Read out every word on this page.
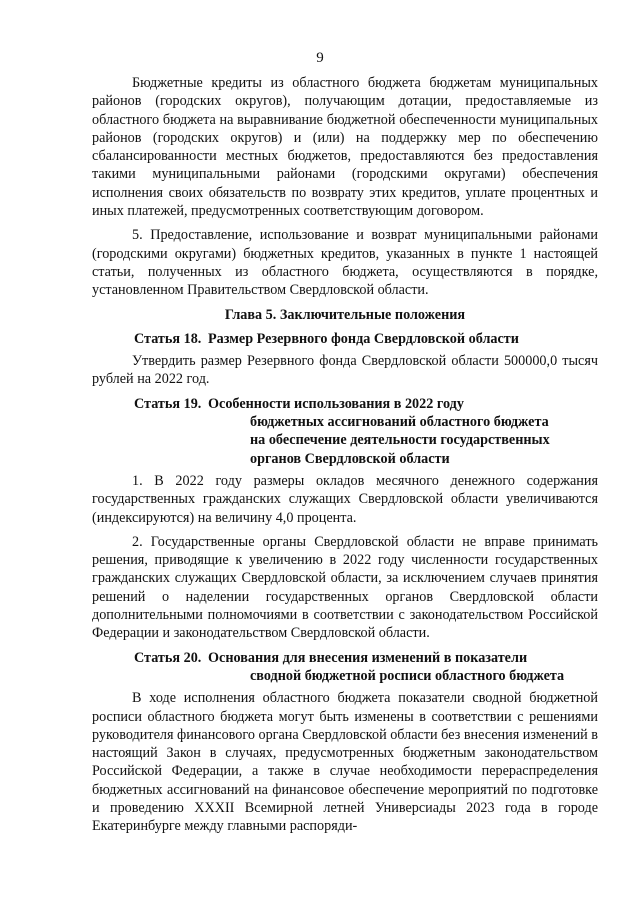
9

Бюджетные кредиты из областного бюджета бюджетам муниципальных районов (городских округов), получающим дотации, предоставляемые из областного бюджета на выравнивание бюджетной обеспеченности муниципальных районов (городских округов) и (или) на поддержку мер по обеспечению сбалансированности местных бюджетов, предоставляются без предоставления такими муниципальными районами (городскими округами) обеспечения исполнения своих обязательств по возврату этих кредитов, уплате процентных и иных платежей, предусмотренных соответствующим договором.

5. Предоставление, использование и возврат муниципальными районами (городскими округами) бюджетных кредитов, указанных в пункте 1 настоящей статьи, полученных из областного бюджета, осуществляются в порядке, установленном Правительством Свердловской области.

Глава 5. Заключительные положения
Статья 18. Размер Резервного фонда Свердловской области

Утвердить размер Резервного фонда Свердловской области 500000,0 тысяч рублей на 2022 год.

Статья 19. Особенности использования в 2022 году
бюджетных ассигнований областного бюджета
на обеспечение деятельности государственных
органов Свердловской области

1. В 2022 году размеры окладов месячного денежного содержания государственных гражданских служащих Свердловской области увеличиваются (индексируются) на величину 4,0 процента.

2. Государственные органы Свердловской области не вправе принимать решения, приводящие к увеличению в 2022 году численности государственных гражданских служащих Свердловской области, за исключением случаев принятия решений о наделении государственных органов Свердловской области дополнительными полномочиями в соответствии с законодательством Российской Федерации и законодательством Свердловской области.

Статья 20. Основания для внесения изменений в показатели
сводной бюджетной росписи областного бюджета

В ходе исполнения областного бюджета показатели сводной бюджетной росписи областного бюджета могут быть изменены в соответствии с решениями руководителя финансового органа Свердловской области без внесения изменений в настоящий Закон в случаях, предусмотренных бюджетным законодательством Российской Федерации, а также в случае необходимости перераспределения бюджетных ассигнований на финансовое обеспечение мероприятий по подготовке и проведению XXXII Всемирной летней Универсиады 2023 года в городе Екатеринбурге между главными распоряди-
